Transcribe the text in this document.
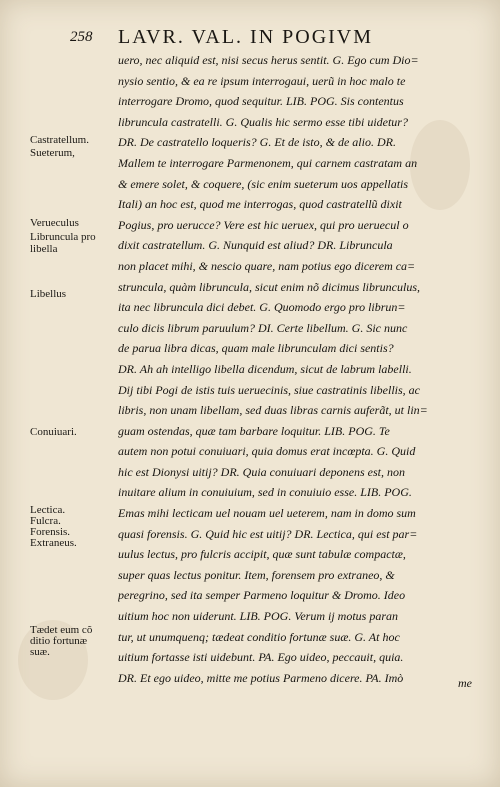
258 LAVR. VAL. IN POGIVM
Castratellum.
Sueterum,
Verueculus
Libruncula pro
libella
Libellus
Conuiuari.
Lectica.
Fulcra.
Forensis.
Extraneus.
Tædet eum cõ
ditio fortunæ
suæ.
uero, nec aliquid est, nisi secus herus sentit. G. Ego cum Dio=
nysio sentio, & ea re ipsum interrogaui, uerũ in hoc malo te
interrogare Dromo, quod sequitur. LIB. POG. Sis contentus
libruncula castratelli. G. Qualis hic sermo esse tibi uidetur?
DR. De castratello loqueris? G. Et de isto, & de alio. DR.
Mallem te interrogare Parmenonem, qui carnem castratam an
& emere solet, & coquere, (sic enim sueterum uos appellatis
Itali) an hoc est, quod me interrogas, quod castratellũ dixit
Pogius, pro uerucce? Vere est hic ueruex, qui pro ueruecul o
dixit castratellum. G. Nunquid est aliud? DR. Libruncula
non placet mihi, & nescio quare, nam potius ego dicerem ca=
struncula, quàm libruncula, sicut enim nõ dicimus librunculus,
ita nec libruncula dici debet. G. Quomodo ergo pro librun=
culo dicis librum paruulum? DI. Certe libellum. G. Sic nunc
de parua libra dicas, quam male librunculam dici sentis?
DR. Ah ah intelligo libella dicendum, sicut de labrum labelli.
Dij tibi Pogi de istis tuis ueruecinis, siue castratinis libellis, ac
libris, non unam libellam, sed duas libras carnis auferãt, ut lin=
guam ostendas, quæ tam barbare loquitur. LIB. POG. Te
autem non potui conuiuari, quia domus erat incœpta. G. Quid
hic est Dionysi uitij? DR. Quia conuiuari deponens est, non
inuitare alium in conuiuium, sed in conuiuio esse. LIB. POG.
Emas mihi lecticam uel nouam uel ueterem, nam in domo sum
quasi forensis. G. Quid hic est uitij? DR. Lectica, qui est par=
uulus lectus, pro fulcris accipit, quæ sunt tabulæ compactæ,
super quas lectus ponitur. Item, forensem pro extraneo, &
peregrino, sed ita semper Parmeno loquitur & Dromo. Ideo
uitium hoc non uiderunt. LIB. POG. Verum ij motus paran
tur, ut unumquenq; tædeat conditio fortunæ suæ. G. At hoc
uitium fortasse isti uidebunt. PA. Ego uideo, peccauit, quia.
DR. Et ego uideo, mitte me potius Parmeno dicere. PA. Imò	me
